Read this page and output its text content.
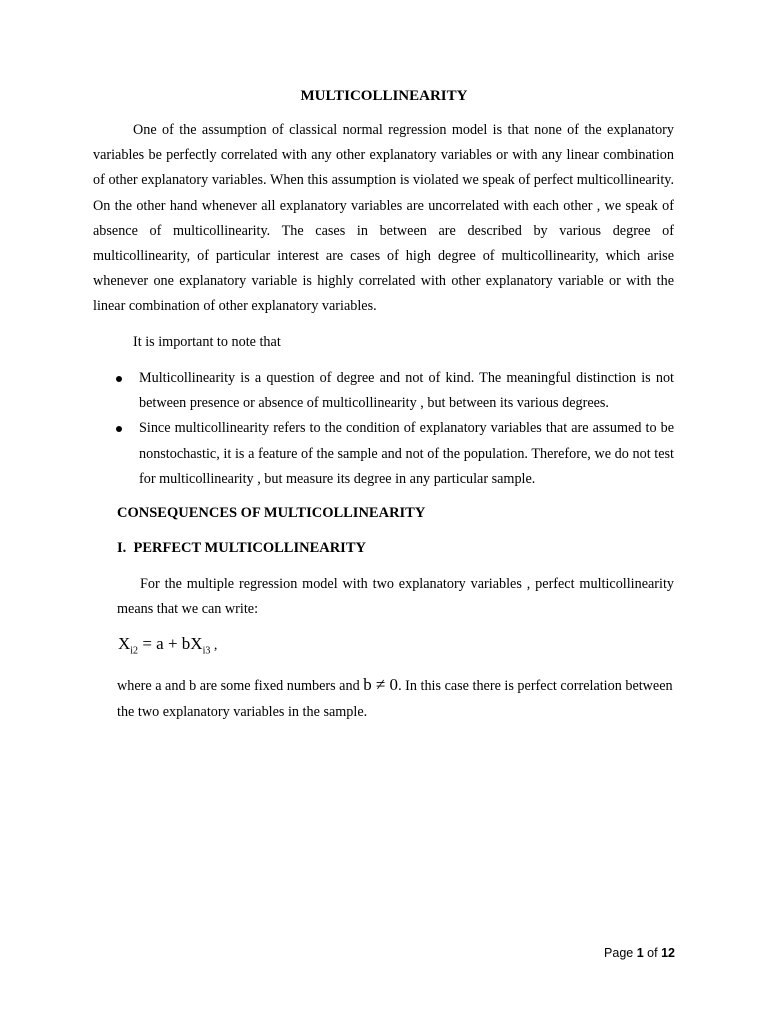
MULTICOLLINEARITY

One of the assumption of classical normal regression model is that none of the explanatory variables be perfectly correlated with any other explanatory variables or with any linear combination of other explanatory variables. When this assumption is violated we speak of perfect multicollinearity. On the other hand whenever all explanatory variables are uncorrelated with each other , we speak of absence of multicollinearity. The cases in between are described by various degree of multicollinearity, of particular interest are cases of high degree of multicollinearity, which arise whenever one explanatory variable is highly correlated with other explanatory variable or with the linear combination of other explanatory variables.

It is important to note that
Multicollinearity is a question of degree and not of kind. The meaningful distinction is not between presence or absence of multicollinearity , but between its various degrees.
Since multicollinearity refers to the condition of explanatory variables that are assumed to be nonstochastic, it is a feature of the sample and not of the population. Therefore, we do not test for multicollinearity , but measure its degree in any particular sample.
CONSEQUENCES OF MULTICOLLINEARITY
I.  PERFECT MULTICOLLINEARITY

For the multiple regression model with two explanatory variables , perfect multicollinearity means that we can write:

$X_{i2} = a + bX_{i3}$ ,

where a and b are some fixed numbers and b ≠ 0. In this case there is perfect correlation between the two explanatory variables in the sample.

Page 1 of 12
